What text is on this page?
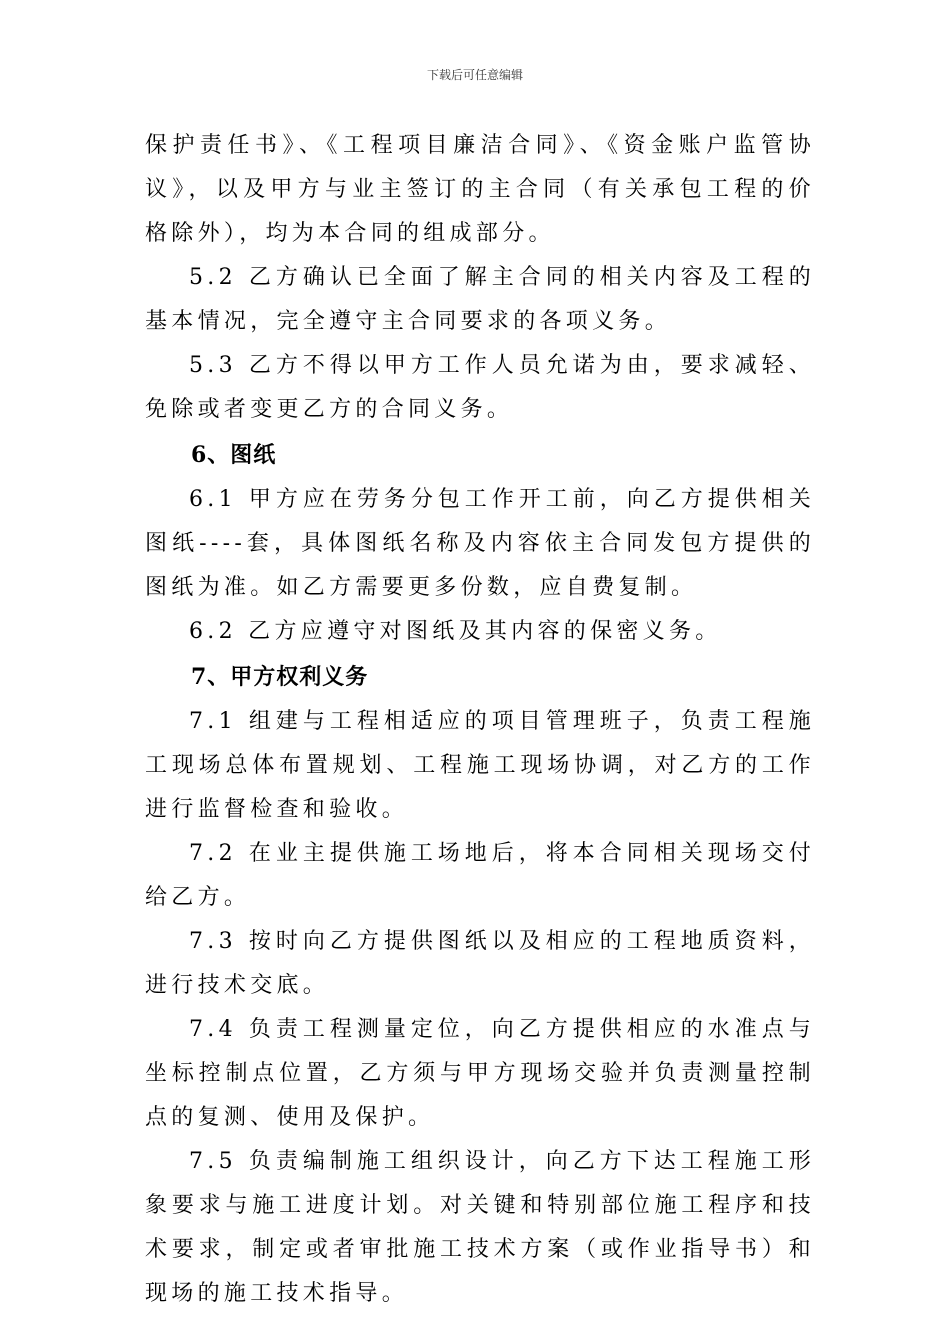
下载后可任意编辑

保护责任书》、《工程项目廉洁合同》、《资金账户监管协议》，以及甲方与业主签订的主合同（有关承包工程的价格除外），均为本合同的组成部分。

5.2 乙方确认已全面了解主合同的相关内容及工程的基本情况，完全遵守主合同要求的各项义务。

5.3 乙方不得以甲方工作人员允诺为由，要求减轻、免除或者变更乙方的合同义务。

6、图纸

6.1 甲方应在劳务分包工作开工前，向乙方提供相关图纸----套，具体图纸名称及内容依主合同发包方提供的图纸为准。如乙方需要更多份数，应自费复制。

6.2 乙方应遵守对图纸及其内容的保密义务。

7、甲方权利义务

7.1 组建与工程相适应的项目管理班子，负责工程施工现场总体布置规划、工程施工现场协调，对乙方的工作进行监督检查和验收。

7.2 在业主提供施工场地后，将本合同相关现场交付给乙方。

7.3 按时向乙方提供图纸以及相应的工程地质资料，进行技术交底。

7.4 负责工程测量定位，向乙方提供相应的水准点与坐标控制点位置，乙方须与甲方现场交验并负责测量控制点的复测、使用及保护。

7.5 负责编制施工组织设计，向乙方下达工程施工形象要求与施工进度计划。对关键和特别部位施工程序和技术要求，制定或者审批施工技术方案（或作业指导书）和现场的施工技术指导。
